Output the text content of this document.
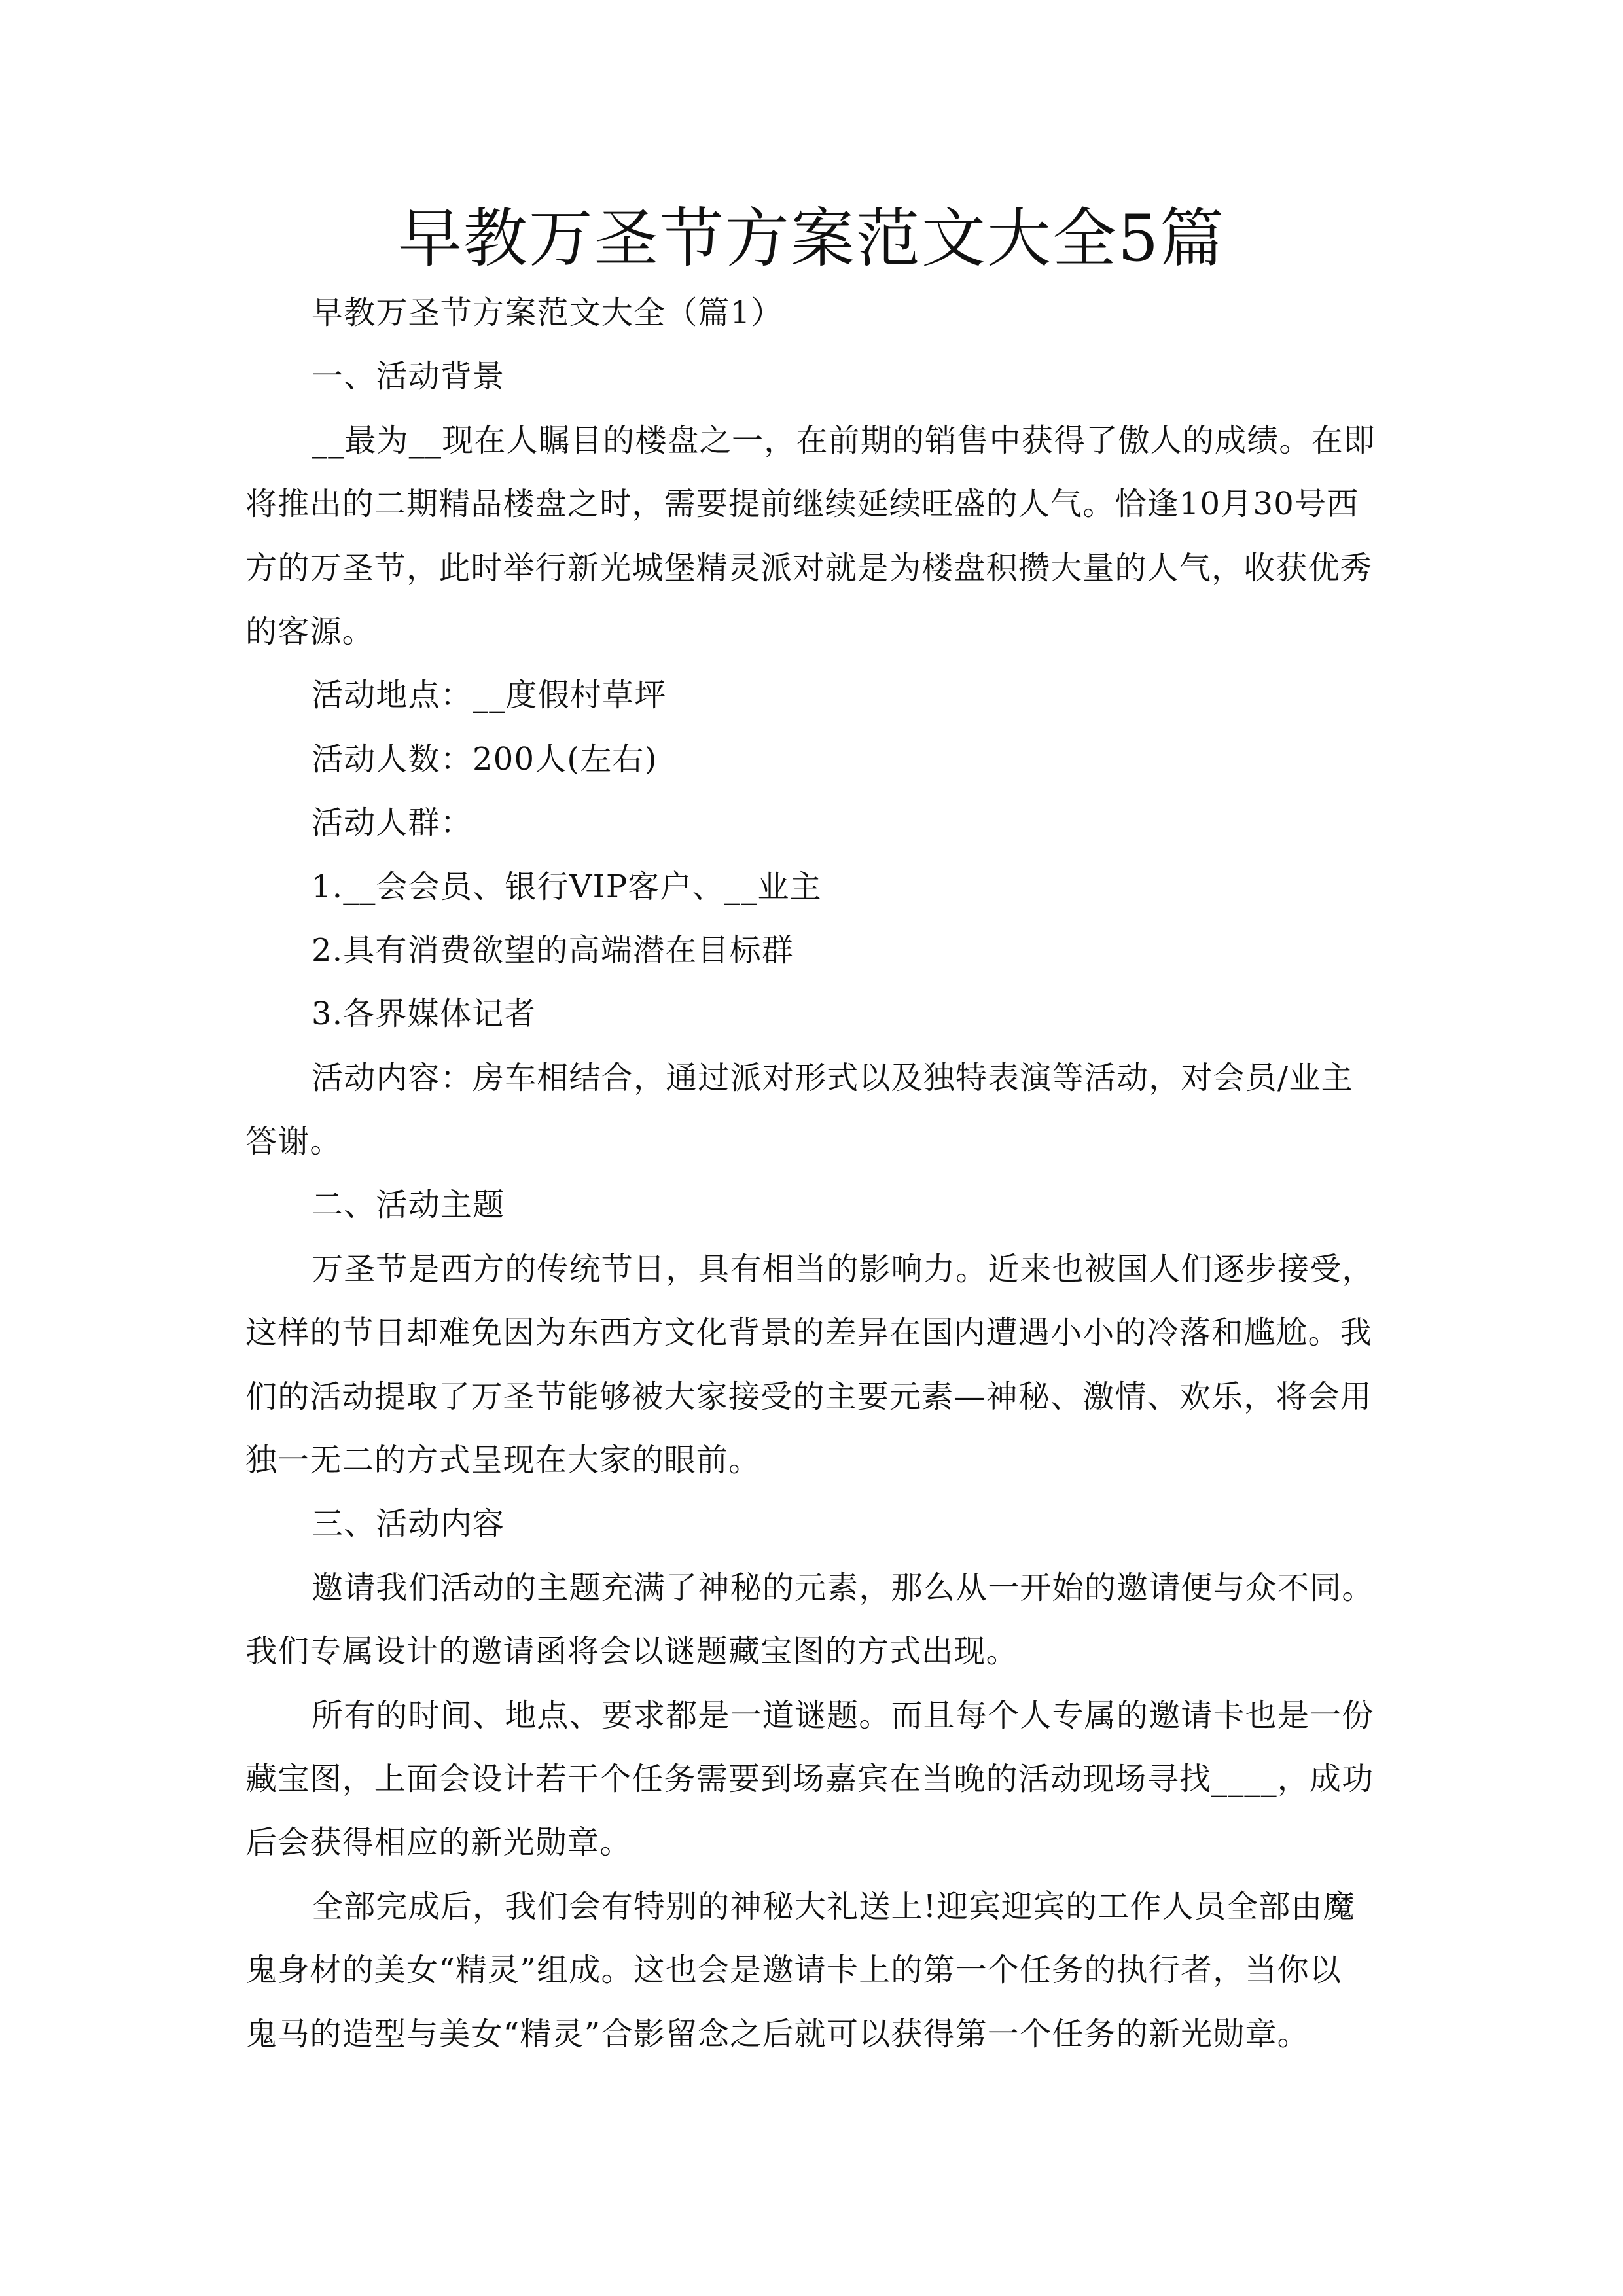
早教万圣节方案范文大全5篇
早教万圣节方案范文大全（篇1）
一、活动背景
__最为__现在人瞩目的楼盘之一，在前期的销售中获得了傲人的成绩。在即
将推出的二期精品楼盘之时，需要提前继续延续旺盛的人气。恰逢10月30号西
方的万圣节，此时举行新光城堡精灵派对就是为楼盘积攒大量的人气，收获优秀
的客源。
活动地点：__度假村草坪
活动人数：200人(左右)
活动人群：
1.__会会员、银行VIP客户、__业主
2.具有消费欲望的高端潜在目标群
3.各界媒体记者
活动内容：房车相结合，通过派对形式以及独特表演等活动，对会员/业主
答谢。
二、活动主题
万圣节是西方的传统节日，具有相当的影响力。近来也被国人们逐步接受，
这样的节日却难免因为东西方文化背景的差异在国内遭遇小小的冷落和尴尬。我
们的活动提取了万圣节能够被大家接受的主要元素—神秘、激情、欢乐，将会用
独一无二的方式呈现在大家的眼前。
三、活动内容
邀请我们活动的主题充满了神秘的元素，那么从一开始的邀请便与众不同。
我们专属设计的邀请函将会以谜题藏宝图的方式出现。
所有的时间、地点、要求都是一道谜题。而且每个人专属的邀请卡也是一份
藏宝图，上面会设计若干个任务需要到场嘉宾在当晚的活动现场寻找____，成功
后会获得相应的新光勋章。
全部完成后，我们会有特别的神秘大礼送上!迎宾迎宾的工作人员全部由魔
鬼身材的美女“精灵”组成。这也会是邀请卡上的第一个任务的执行者，当你以
鬼马的造型与美女“精灵”合影留念之后就可以获得第一个任务的新光勋章。
